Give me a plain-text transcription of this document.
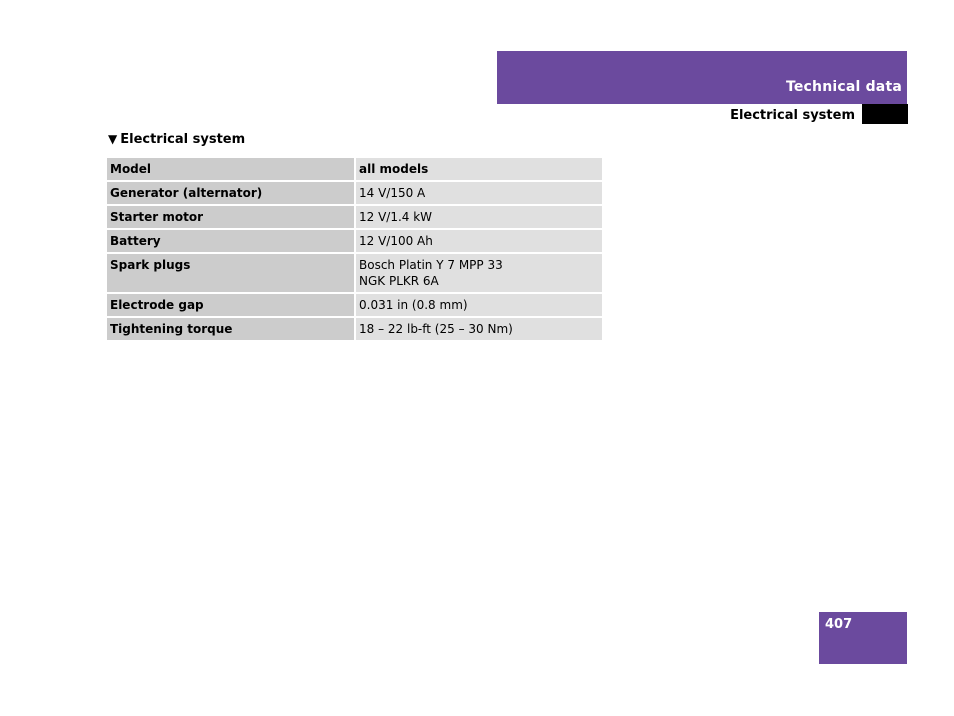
Technical data
Electrical system
▼ Electrical system
Model	all models
Generator (alternator)	14 V/150 A

Starter motor	12 V/1.4 kW

Battery	12 V/100 Ah

Spark plugs	Bosch Platin Y 7 MPP 33
NGK PLKR 6A

Electrode gap	0.031 in (0.8 mm)

Tightening torque	18 – 22 lb-ft (25 – 30 Nm)
407
